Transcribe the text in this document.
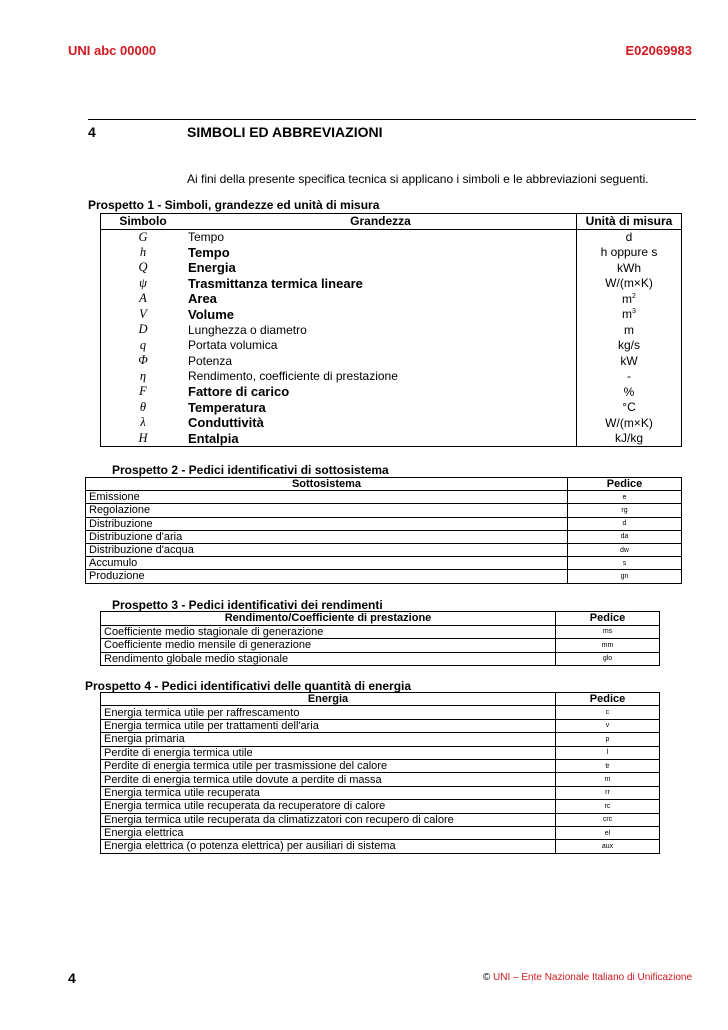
UNI abc 00000	E02069983
4	SIMBOLI ED ABBREVIAZIONI
Ai fini della presente specifica tecnica si applicano i simboli e le abbreviazioni seguenti.
Prospetto 1 - Simboli, grandezze ed unità di misura
Simbolo	Grandezza	Unità di misura
G	Tempo	d
h	Tempo	h oppure s
Q	Energia	kWh
ψ	Trasmittanza termica lineare	W/(m×K)
A	Area	$m^2$
V	Volume	$m^3$
D	Lunghezza o diametro	m
q	Portata volumica	kg/s
Φ	Potenza	kW
η	Rendimento, coefficiente di prestazione	-
F	Fattore di carico	%
θ	Temperatura	°C
λ	Conduttività	W/(m×K)
H	Entalpia	kJ/kg
Prospetto 2 - Pedici identificativi di sottosistema
Sottosistema	Pedice
Emissione	e
Regolazione	rg
Distribuzione	d
Distribuzione d'aria	da
Distribuzione d'acqua	dw
Accumulo	s
Produzione	gn
Prospetto 3 - Pedici identificativi dei rendimenti
Rendimento/Coefficiente di prestazione	Pedice
Coefficiente medio stagionale di generazione	ms
Coefficiente medio mensile di generazione	mm
Rendimento globale medio stagionale	glo
Prospetto 4 - Pedici identificativi delle quantità di energia
Energia	Pedice
Energia termica utile per raffrescamento	c
Energia termica utile per trattamenti dell'aria	v
Energia primaria	p
Perdite di energia termica utile	l
Perdite di energia termica utile per trasmissione del calore	tr
Perdite di energia termica utile dovute a perdite di massa	m
Energia termica utile recuperata	rr
Energia termica utile recuperata da recuperatore di calore	rc
Energia termica utile recuperata da climatizzatori con recupero di calore	crc
Energia elettrica	el
Energia elettrica (o potenza elettrica) per ausiliari di sistema	aux
4	© UNI – Ente Nazionale Italiano di Unificazione
